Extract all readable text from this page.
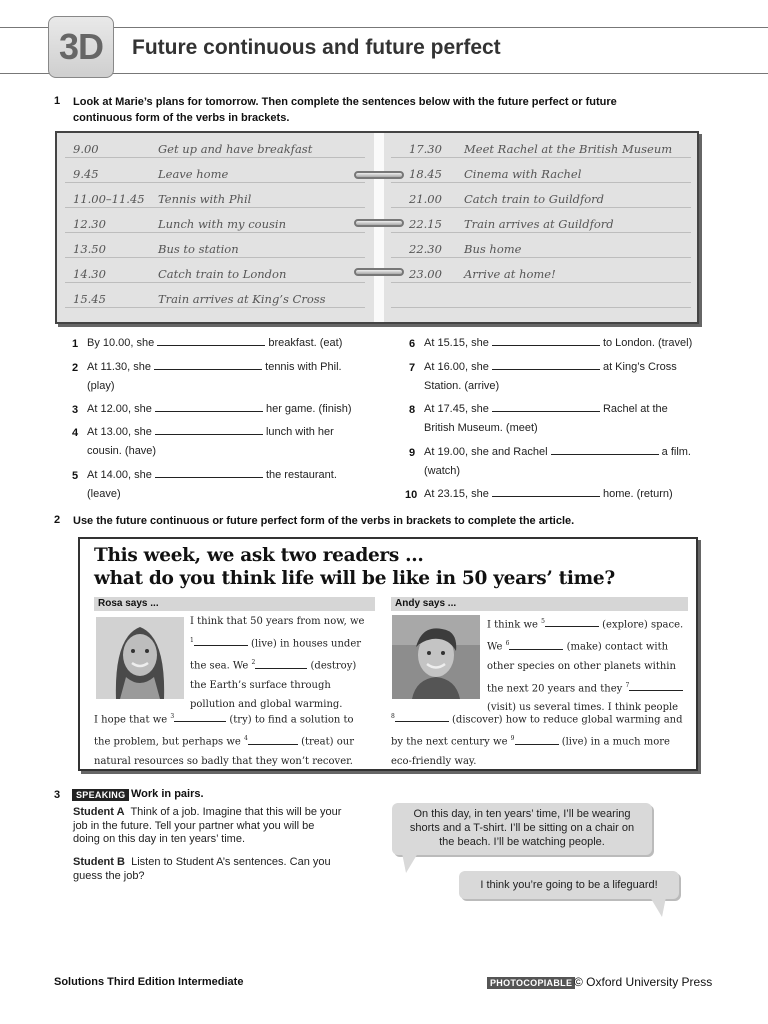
3D	Future continuous and future perfect
1 Look at Marie’s plans for tomorrow. Then complete the sentences below with the future perfect or future
continuous form of the verbs in brackets.
9.00	Get up and have breakfast
9.45	Leave home
11.00–11.45 Tennis with Phil
12.30	Lunch with my cousin
13.50	Bus to station
14.30	Catch train to London
15.45	Train arrives at King’s Cross
17.30 Meet Rachel at the British Museum
18.45 Cinema with Rachel
21.00 Catch train to Guildford
22.15 Train arrives at Guildford
22.30 Bus home
23.00 Arrive at home!
1 By 10.00, she	breakfast. (eat)
2 At 11.30, she	tennis with Phil.
(play)
3 At 12.00, she	her game. (finish)
4 At 13.00, she	lunch with her
cousin. (have)
5 At 14.00, she	the restaurant.
(leave)
6 At 15.15, she	to London. (travel)
7 At 16.00, she	at King’s Cross
Station. (arrive)
8 At 17.45, she	Rachel at the
British Museum. (meet)
9 At 19.00, she and Rachel	a film.
(watch)
10 At 23.15, she	home. (return)
2 Use the future continuous or future perfect form of the verbs in brackets to complete the article.
This week, we ask two readers ...
what do you think life will be like in 50 years’ time?
Rosa says ...	Andy says ...
I think that 50 years from now, we
$^1$	(live) in houses under
the sea. We $^2$	(destroy)
the Earth’s surface through
pollution and global warming.
I hope that we $^3$	(try) to find a solution to
the problem, but perhaps we $^4$	(treat) our
natural resources so badly that they won’t recover.
I think we $^5$	(explore) space.
We $^6$	(make) contact with
other species on other planets within
the next 20 years and they $^7$
(visit) us several times. I think people
$^8$	(discover) how to reduce global warming and
by the next century we $^9$	(live) in a much more
eco-friendly way.
3	SPEAKING Work in pairs.
Student A Think of a job. Imagine that this will be your
job in the future. Tell your partner what you will be
doing on this day in ten years’ time.
Student B Listen to Student A’s sentences. Can you
guess the job?
On this day, in ten years’ time, I’ll be wearing
shorts and a T-shirt. I’ll be sitting on a chair on
the beach. I’ll be watching people.
I think you’re going to be a lifeguard!
Solutions Third Edition Intermediate	PHOTOCOPIABLE © Oxford University Press
